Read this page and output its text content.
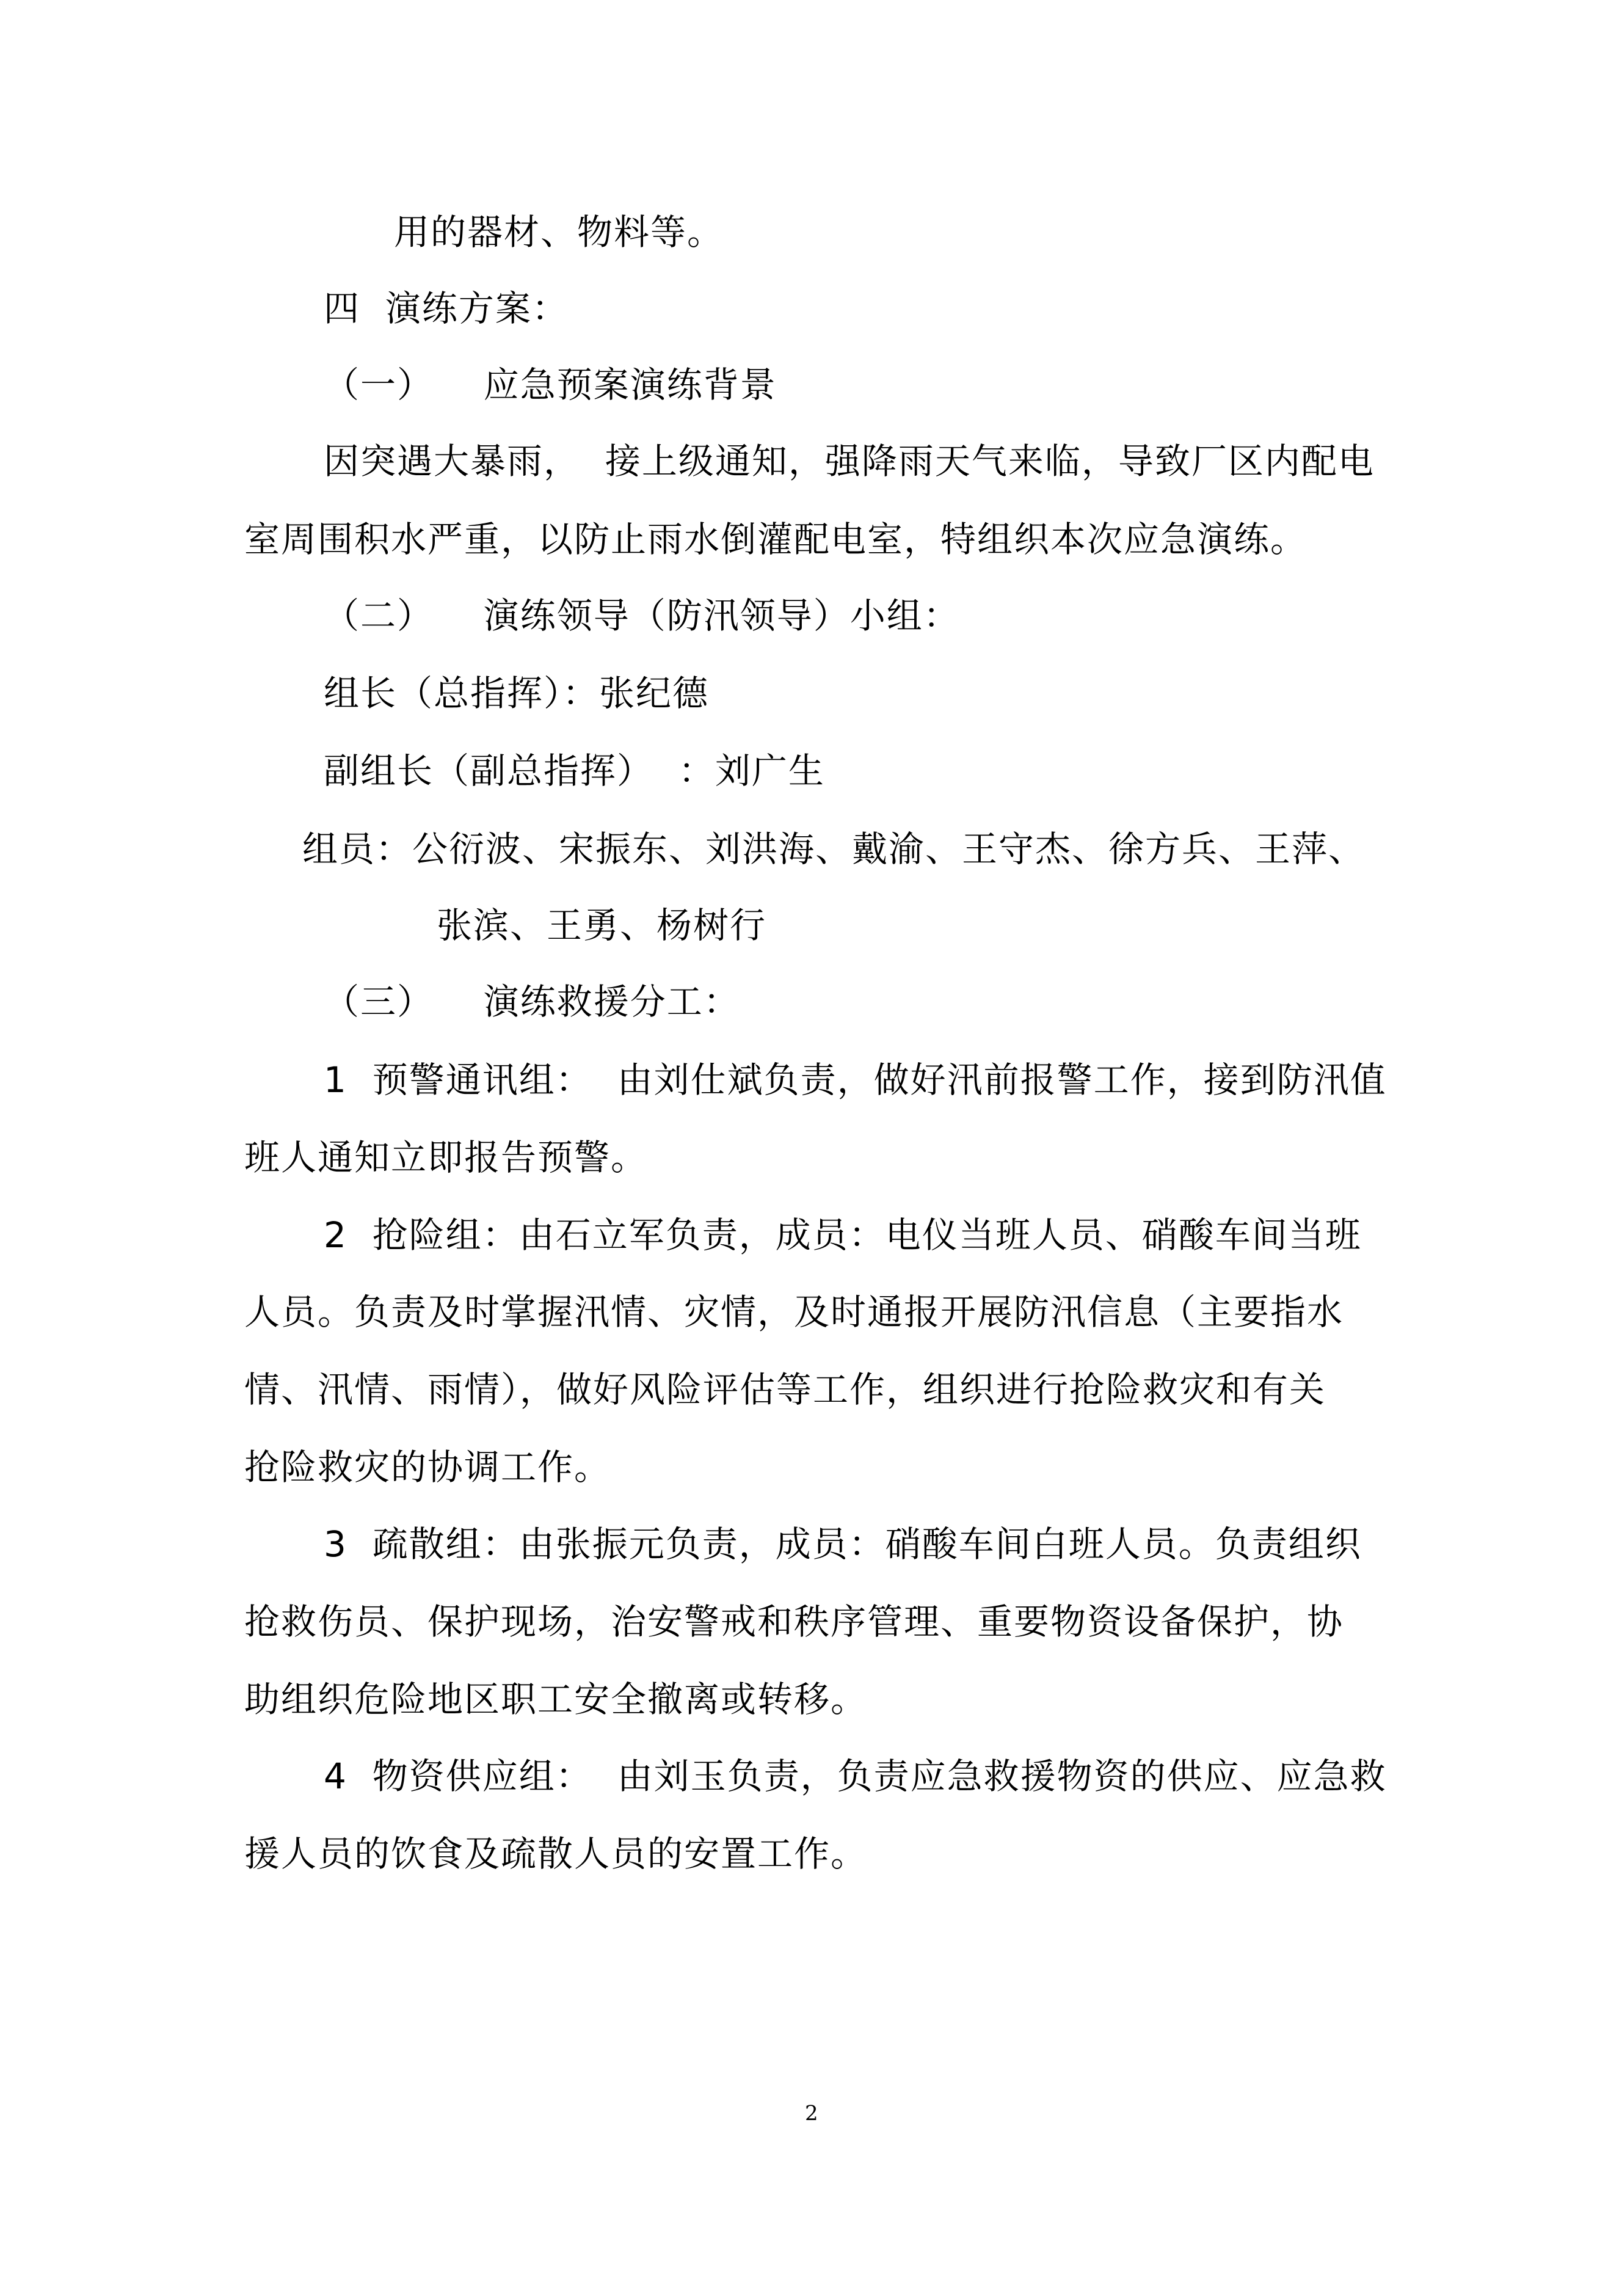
用的器材、物料等。
四  演练方案：
（一）    应急预案演练背景
因突遇大暴雨，  接上级通知，强降雨天气来临，导致厂区内配电
室周围积水严重，以防止雨水倒灌配电室，特组织本次应急演练。
（二）    演练领导（防汛领导）小组：
组长（总指挥）：张纪德
副组长（副总指挥）  ：刘广生
组员：公衍波、宋振东、刘洪海、戴渝、王守杰、徐方兵、王萍、
张滨、王勇、杨树行
（三）    演练救援分工：
1  预警通讯组：  由刘仕斌负责，做好汛前报警工作，接到防汛值
班人通知立即报告预警。
2  抢险组：由石立军负责，成员：电仪当班人员、硝酸车间当班
人员。负责及时掌握汛情、灾情，及时通报开展防汛信息（主要指水
情、汛情、雨情），做好风险评估等工作，组织进行抢险救灾和有关
抢险救灾的协调工作。
3  疏散组：由张振元负责，成员：硝酸车间白班人员。负责组织
抢救伤员、保护现场，治安警戒和秩序管理、重要物资设备保护，协
助组织危险地区职工安全撤离或转移。
4  物资供应组：  由刘玉负责，负责应急救援物资的供应、应急救
援人员的饮食及疏散人员的安置工作。
2
